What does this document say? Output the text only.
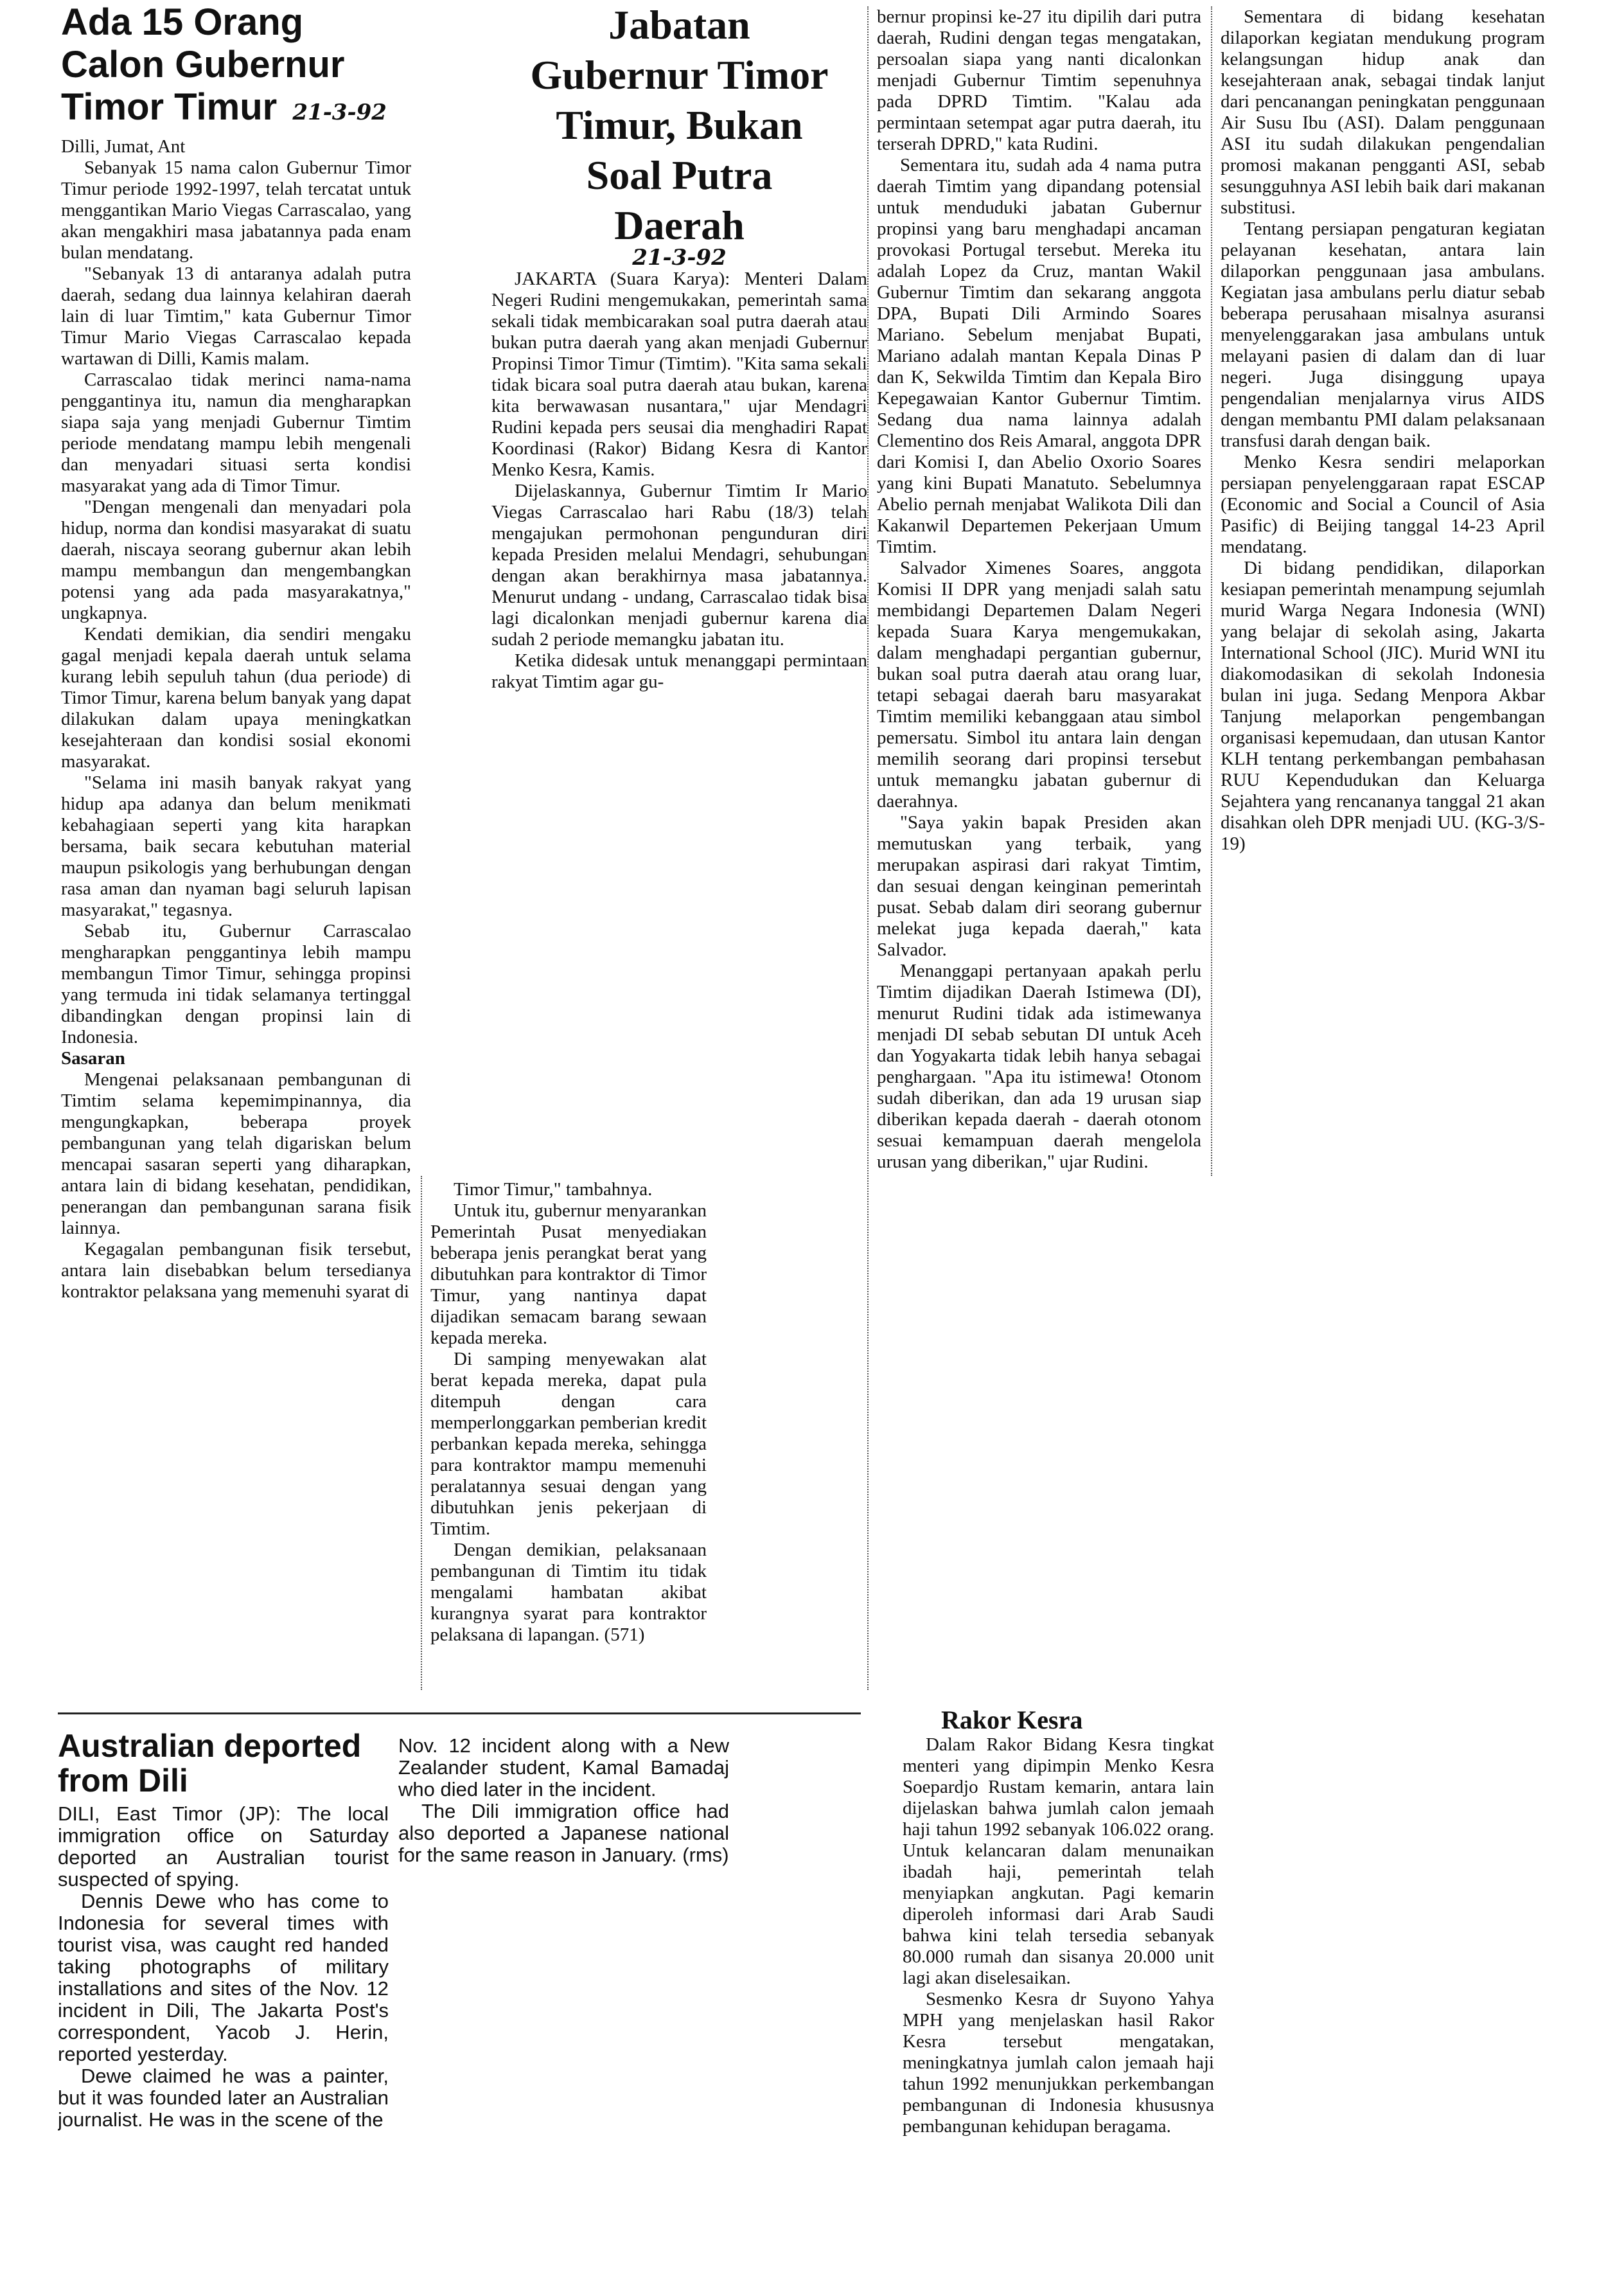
Ada 15 Orang Calon Gubernur Timor Timur 21-3-92

Dilli, Jumat, Ant

Sebanyak 15 nama calon Gubernur Timor Timur periode 1992-1997, telah tercatat untuk menggantikan Mario Viegas Carrascalao, yang akan mengakhiri masa jabatannya pada enam bulan mendatang.

"Sebanyak 13 di antaranya adalah putra daerah, sedang dua lainnya kelahiran daerah lain di luar Timtim," kata Gubernur Timor Timur Mario Viegas Carrascalao kepada wartawan di Dilli, Kamis malam.

Carrascalao tidak merinci nama-nama penggantinya itu, namun dia mengharapkan siapa saja yang menjadi Gubernur Timtim periode mendatang mampu lebih mengenali dan menyadari situasi serta kondisi masyarakat yang ada di Timor Timur.

"Dengan mengenali dan menyadari pola hidup, norma dan kondisi masyarakat di suatu daerah, niscaya seorang gubernur akan lebih mampu membangun dan mengembangkan potensi yang ada pada masyarakatnya," ungkapnya.

Kendati demikian, dia sendiri mengaku gagal menjadi kepala daerah untuk selama kurang lebih sepuluh tahun (dua periode) di Timor Timur, karena belum banyak yang dapat dilakukan dalam upaya meningkatkan kesejahteraan dan kondisi sosial ekonomi masyarakat.

"Selama ini masih banyak rakyat yang hidup apa adanya dan belum menikmati kebahagiaan seperti yang kita harapkan bersama, baik secara kebutuhan material maupun psikologis yang berhubungan dengan rasa aman dan nyaman bagi seluruh lapisan masyarakat," tegasnya.

Sebab itu, Gubernur Carrascalao mengharapkan penggantinya lebih mampu membangun Timor Timur, sehingga propinsi yang termuda ini tidak selamanya tertinggal dibandingkan dengan propinsi lain di Indonesia.

Sasaran

Mengenai pelaksanaan pembangunan di Timtim selama kepemimpinannya, dia mengungkapkan, beberapa proyek pembangunan yang telah digariskan belum mencapai sasaran seperti yang diharapkan, antara lain di bidang kesehatan, pendidikan, penerangan dan pembangunan sarana fisik lainnya.

Kegagalan pembangunan fisik tersebut, antara lain disebabkan belum tersedianya kontraktor pelaksana yang memenuhi syarat di

Timor Timur," tambahnya.

Untuk itu, gubernur menyarankan Pemerintah Pusat menyediakan beberapa jenis perangkat berat yang dibutuhkan para kontraktor di Timor Timur, yang nantinya dapat dijadikan semacam barang sewaan kepada mereka.

Di samping menyewakan alat berat kepada mereka, dapat pula ditempuh dengan cara memperlonggarkan pemberian kredit perbankan kepada mereka, sehingga para kontraktor mampu memenuhi peralatannya sesuai dengan yang dibutuhkan jenis pekerjaan di Timtim.

Dengan demikian, pelaksanaan pembangunan di Timtim itu tidak mengalami hambatan akibat kurangnya syarat para kontraktor pelaksana di lapangan. (571)

Jabatan Gubernur Timor Timur, Bukan Soal Putra Daerah
21-3-92

JAKARTA (Suara Karya): Menteri Dalam Negeri Rudini mengemukakan, pemerintah sama sekali tidak membicarakan soal putra daerah atau bukan putra daerah yang akan menjadi Gubernur Propinsi Timor Timur (Timtim). "Kita sama sekali tidak bicara soal putra daerah atau bukan, karena kita berwawasan nusantara," ujar Mendagri Rudini kepada pers seusai dia menghadiri Rapat Koordinasi (Rakor) Bidang Kesra di Kantor Menko Kesra, Kamis.

Dijelaskannya, Gubernur Timtim Ir Mario Viegas Carrascalao hari Rabu (18/3) telah mengajukan permohonan pengunduran diri kepada Presiden melalui Mendagri, sehubungan dengan akan berakhirnya masa jabatannya. Menurut undang - undang, Carrascalao tidak bisa lagi dicalonkan menjadi gubernur karena dia sudah 2 periode memangku jabatan itu.

Ketika didesak untuk menanggapi permintaan rakyat Timtim agar gu-

bernur propinsi ke-27 itu dipilih dari putra daerah, Rudini dengan tegas mengatakan, persoalan siapa yang nanti dicalonkan menjadi Gubernur Timtim sepenuhnya pada DPRD Timtim. "Kalau ada permintaan setempat agar putra daerah, itu terserah DPRD," kata Rudini.

Sementara itu, sudah ada 4 nama putra daerah Timtim yang dipandang potensial untuk menduduki jabatan Gubernur propinsi yang baru menghadapi ancaman provokasi Portugal tersebut. Mereka itu adalah Lopez da Cruz, mantan Wakil Gubernur Timtim dan sekarang anggota DPA, Bupati Dili Armindo Soares Mariano. Sebelum menjabat Bupati, Mariano adalah mantan Kepala Dinas P dan K, Sekwilda Timtim dan Kepala Biro Kepegawaian Kantor Gubernur Timtim. Sedang dua nama lainnya adalah Clementino dos Reis Amaral, anggota DPR dari Komisi I, dan Abelio Oxorio Soares yang kini Bupati Manatuto. Sebelumnya Abelio pernah menjabat Walikota Dili dan Kakanwil Departemen Pekerjaan Umum Timtim.

Salvador Ximenes Soares, anggota Komisi II DPR yang menjadi salah satu membidangi Departemen Dalam Negeri kepada Suara Karya mengemukakan, dalam menghadapi pergantian gubernur, bukan soal putra daerah atau orang luar, tetapi sebagai daerah baru masyarakat Timtim memiliki kebanggaan atau simbol pemersatu. Simbol itu antara lain dengan memilih seorang dari propinsi tersebut untuk memangku jabatan gubernur di daerahnya.

"Saya yakin bapak Presiden akan memutuskan yang terbaik, yang merupakan aspirasi dari rakyat Timtim, dan sesuai dengan keinginan pemerintah pusat. Sebab dalam diri seorang gubernur melekat juga kepada daerah," kata Salvador.

Menanggapi pertanyaan apakah perlu Timtim dijadikan Daerah Istimewa (DI), menurut Rudini tidak ada istimewanya menjadi DI sebab sebutan DI untuk Aceh dan Yogyakarta tidak lebih hanya sebagai penghargaan. "Apa itu istimewa! Otonom sudah diberikan, dan ada 19 urusan siap diberikan kepada daerah - daerah otonom sesuai kemampuan daerah mengelola urusan yang diberikan," ujar Rudini.

Rakor Kesra

Dalam Rakor Bidang Kesra tingkat menteri yang dipimpin Menko Kesra Soepardjo Rustam kemarin, antara lain dijelaskan bahwa jumlah calon jemaah haji tahun 1992 sebanyak 106.022 orang. Untuk kelancaran dalam menunaikan ibadah haji, pemerintah telah menyiapkan angkutan. Pagi kemarin diperoleh informasi dari Arab Saudi bahwa kini telah tersedia sebanyak 80.000 rumah dan sisanya 20.000 unit lagi akan diselesaikan.

Sesmenko Kesra dr Suyono Yahya MPH yang menjelaskan hasil Rakor Kesra tersebut mengatakan, meningkatnya jumlah calon jemaah haji tahun 1992 menunjukkan perkembangan pembangunan di Indonesia khususnya pembangunan kehidupan beragama.

Sementara di bidang kesehatan dilaporkan kegiatan mendukung program kelangsungan hidup anak dan kesejahteraan anak, sebagai tindak lanjut dari pencanangan peningkatan penggunaan Air Susu Ibu (ASI). Dalam penggunaan ASI itu sudah dilakukan pengendalian promosi makanan pengganti ASI, sebab sesungguhnya ASI lebih baik dari makanan substitusi.

Tentang persiapan pengaturan kegiatan pelayanan kesehatan, antara lain dilaporkan penggunaan jasa ambulans. Kegiatan jasa ambulans perlu diatur sebab beberapa perusahaan misalnya asuransi menyelenggarakan jasa ambulans untuk melayani pasien di dalam dan di luar negeri. Juga disinggung upaya pengendalian menjalarnya virus AIDS dengan membantu PMI dalam pelaksanaan transfusi darah dengan baik.

Menko Kesra sendiri melaporkan persiapan penyelenggaraan rapat ESCAP (Economic and Social a Council of Asia Pasific) di Beijing tanggal 14-23 April mendatang.

Di bidang pendidikan, dilaporkan kesiapan pemerintah menampung sejumlah murid Warga Negara Indonesia (WNI) yang belajar di sekolah asing, Jakarta International School (JIC). Murid WNI itu diakomodasikan di sekolah Indonesia bulan ini juga. Sedang Menpora Akbar Tanjung melaporkan pengembangan organisasi kepemudaan, dan utusan Kantor KLH tentang perkembangan pembahasan RUU Kependudukan dan Keluarga Sejahtera yang rencananya tanggal 21 akan disahkan oleh DPR menjadi UU. (KG-3/S-19)

Australian deported from Dili

DILI, East Timor (JP): The local immigration office on Saturday deported an Australian tourist suspected of spying.

Dennis Dewe who has come to Indonesia for several times with tourist visa, was caught red handed taking photographs of military installations and sites of the Nov. 12 incident in Dili, The Jakarta Post's correspondent, Yacob J. Herin, reported yesterday.

Dewe claimed he was a painter, but it was founded later an Australian journalist. He was in the scene of the

Nov. 12 incident along with a New Zealander student, Kamal Bamadaj who died later in the incident.

The Dili immigration office had also deported a Japanese national for the same reason in January. (rms)
